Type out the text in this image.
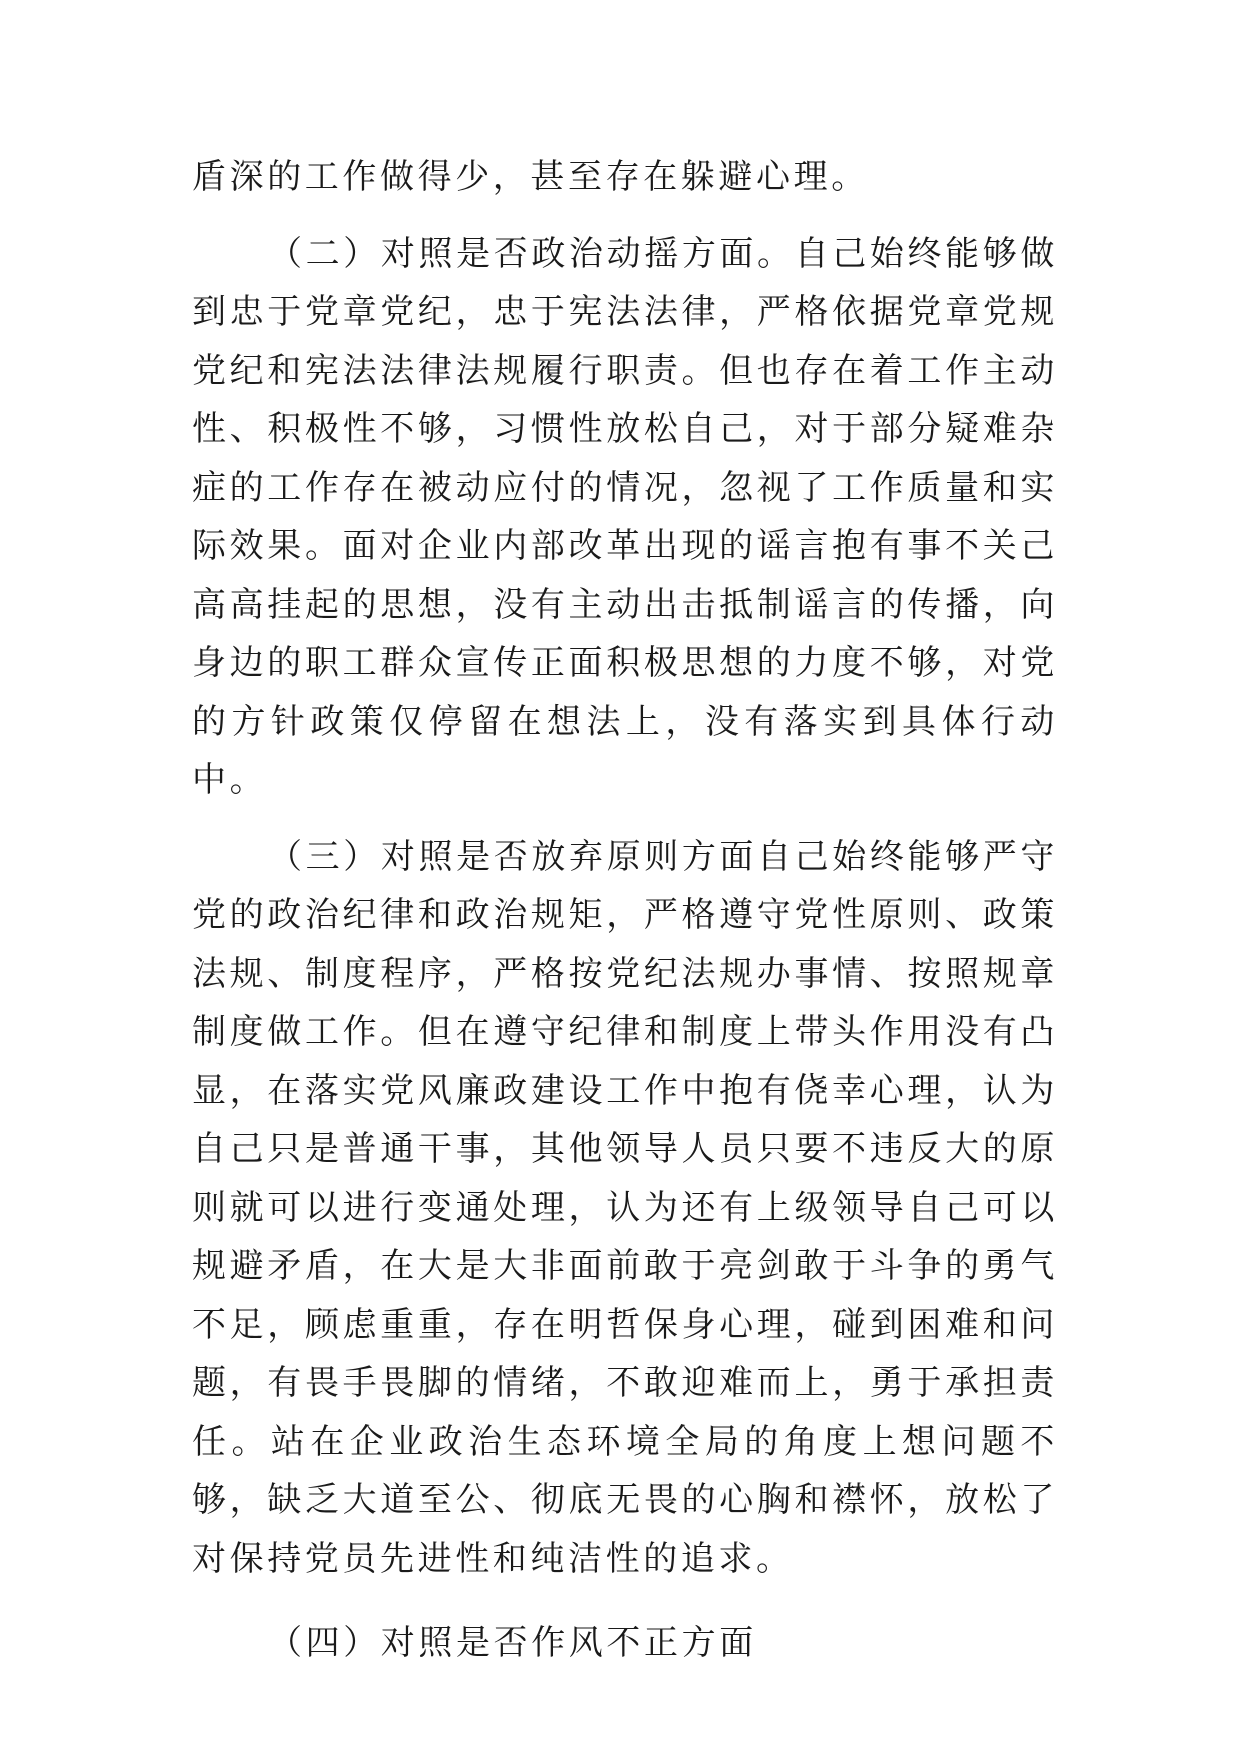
盾深的工作做得少，甚至存在躲避心理。

（二）对照是否政治动摇方面。自己始终能够做到忠于党章党纪，忠于宪法法律，严格依据党章党规党纪和宪法法律法规履行职责。但也存在着工作主动性、积极性不够，习惯性放松自己，对于部分疑难杂症的工作存在被动应付的情况，忽视了工作质量和实际效果。面对企业内部改革出现的谣言抱有事不关己高高挂起的思想，没有主动出击抵制谣言的传播，向身边的职工群众宣传正面积极思想的力度不够，对党的方针政策仅停留在想法上，没有落实到具体行动中。

（三）对照是否放弃原则方面自己始终能够严守党的政治纪律和政治规矩，严格遵守党性原则、政策法规、制度程序，严格按党纪法规办事情、按照规章制度做工作。但在遵守纪律和制度上带头作用没有凸显，在落实党风廉政建设工作中抱有侥幸心理，认为自己只是普通干事，其他领导人员只要不违反大的原则就可以进行变通处理，认为还有上级领导自己可以规避矛盾，在大是大非面前敢于亮剑敢于斗争的勇气不足，顾虑重重，存在明哲保身心理，碰到困难和问题，有畏手畏脚的情绪，不敢迎难而上，勇于承担责任。站在企业政治生态环境全局的角度上想问题不够，缺乏大道至公、彻底无畏的心胸和襟怀，放松了对保持党员先进性和纯洁性的追求。

（四）对照是否作风不正方面
